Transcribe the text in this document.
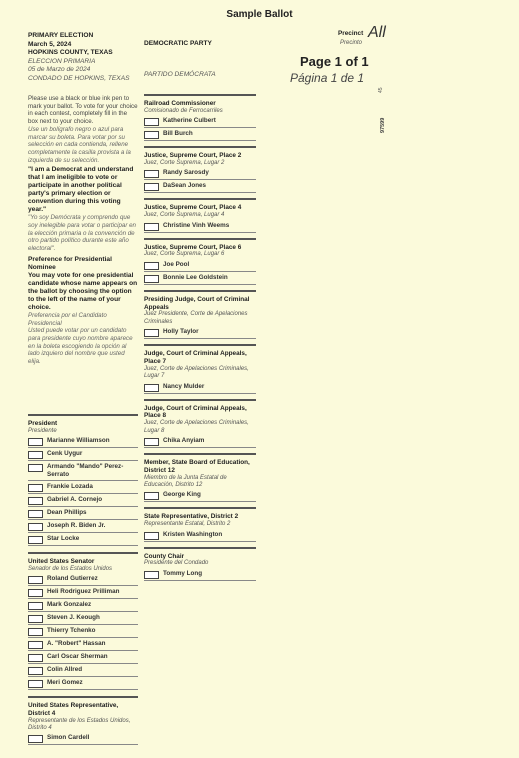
Sample Ballot
PRIMARY ELECTION
March 5, 2024
HOPKINS COUNTY, TEXAS
ELECCION PRIMARIA
05 de Marzo de 2024
CONDADO DE HOPKINS, TEXAS
DEMOCRATIC PARTY
PARTIDO DEMÓCRATA
Precinct All
Precinto
Page 1 of 1
Página 1 de 1
45
97599
Please use a black or blue ink pen to mark your ballot. To vote for your choice in each contest, completely fill in the box next to your choice.
Use un bolígrafo negro o azul para marcar su boleta. Para votar por su selección en cada contienda, rellene completamente la casilla provista a la izquierda de su selección.
"I am a Democrat and understand that I am ineligible to vote or participate in another political party's primary election or convention during this voting year."
"Yo soy Demócrata y comprendo que soy inelegible para votar o participar en la elección primaria o la convención de otro partido político durante este año electoral".
Preference for Presidential Nominee
You may vote for one presidential candidate whose name appears on the ballot by choosing the option to the left of the name of your choice.
Preferencia por el Candidato Presidencial
Usted puede votar por un candidato para presidente cuyo nombre aparece en la boleta escogiendo la opción al lado izquiero del nombre que usted elija.
President
Presidente
Marianne Williamson
Cenk Uygur
Armando "Mando" Perez-Serrato
Frankie Lozada
Gabriel A. Cornejo
Dean Phillips
Joseph R. Biden Jr.
Star Locke
United States Senator
Senador de los Estados Unidos
Roland Gutierrez
Heli Rodriguez Prilliman
Mark Gonzalez
Steven J. Keough
Thierry Tchenko
A. "Robert" Hassan
Carl Oscar Sherman
Colin Allred
Meri Gomez
United States Representative, District 4
Representante de los Estados Unidos, Distrito 4
Simon Cardell
Railroad Commissioner
Comisionado de Ferrocarriles
Katherine Culbert
Bill Burch
Justice, Supreme Court, Place 2
Juez, Corte Suprema, Lugar 2
Randy Sarosdy
DaSean Jones
Justice, Supreme Court, Place 4
Juez, Corte Suprema, Lugar 4
Christine Vinh Weems
Justice, Supreme Court, Place 6
Juez, Corte Suprema, Lugar 6
Joe Pool
Bonnie Lee Goldstein
Presiding Judge, Court of Criminal Appeals
Juez Presidente, Corte de Apelaciones Criminales
Holly Taylor
Judge, Court of Criminal Appeals, Place 7
Juez, Corte de Apelaciones Criminales, Lugar 7
Nancy Mulder
Judge, Court of Criminal Appeals, Place 8
Juez, Corte de Apelaciones Criminales, Lugar 8
Chika Anyiam
Member, State Board of Education, District 12
Miembro de la Junta Estatal de Educación, Distrito 12
George King
State Representative, District 2
Representante Estatal, Distrito 2
Kristen Washington
County Chair
Presidente del Condado
Tommy Long
